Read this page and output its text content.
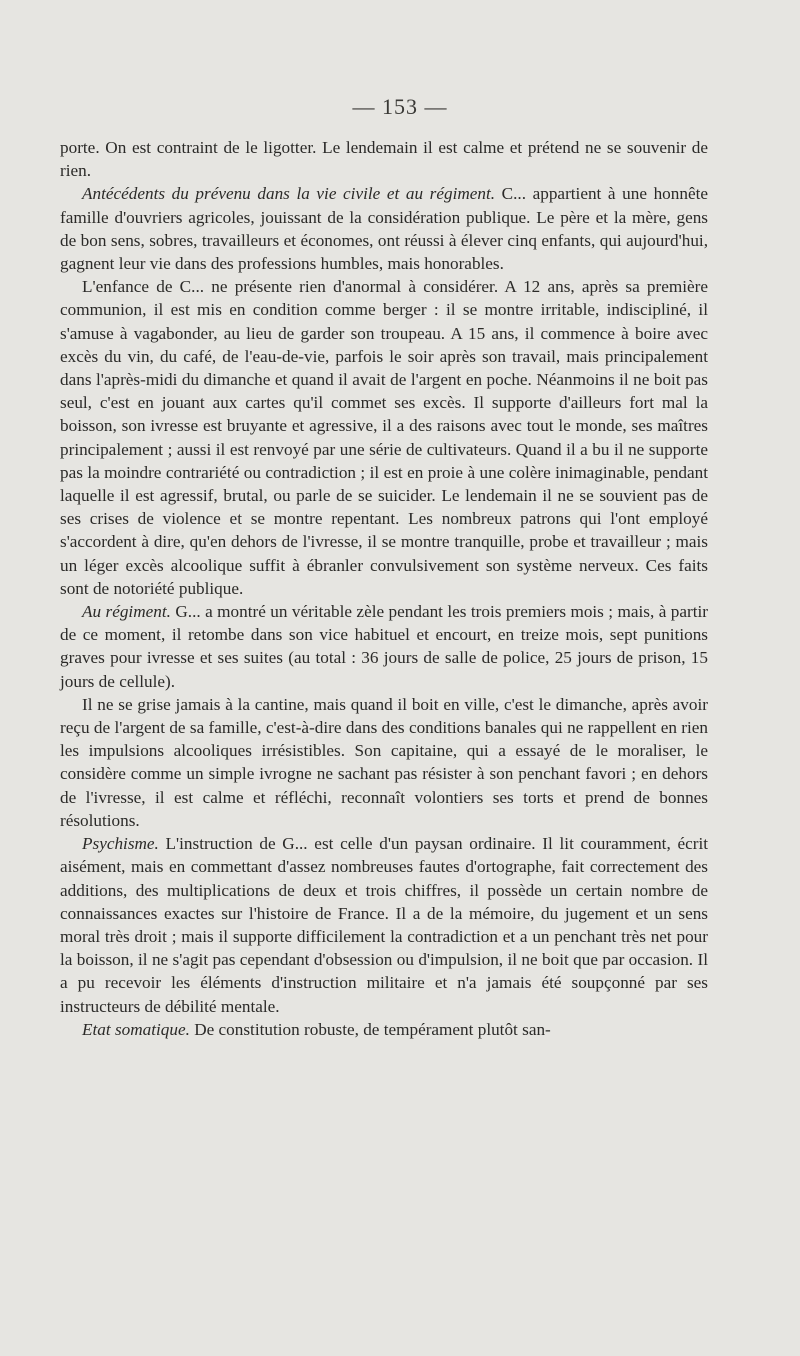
— 153 —

porte. On est contraint de le ligotter. Le lendemain il est calme et prétend ne se souvenir de rien.

Antécédents du prévenu dans la vie civile et au régiment. C... appartient à une honnête famille d'ouvriers agricoles, jouissant de la considération publique. Le père et la mère, gens de bon sens, sobres, travailleurs et économes, ont réussi à élever cinq enfants, qui aujourd'hui, gagnent leur vie dans des professions humbles, mais honorables.

L'enfance de C... ne présente rien d'anormal à considérer. A 12 ans, après sa première communion, il est mis en condition comme berger : il se montre irritable, indiscipliné, il s'amuse à vagabonder, au lieu de garder son troupeau. A 15 ans, il commence à boire avec excès du vin, du café, de l'eau-de-vie, parfois le soir après son travail, mais principalement dans l'après-midi du dimanche et quand il avait de l'argent en poche. Néanmoins il ne boit pas seul, c'est en jouant aux cartes qu'il commet ses excès. Il supporte d'ailleurs fort mal la boisson, son ivresse est bruyante et agressive, il a des raisons avec tout le monde, ses maîtres principalement ; aussi il est renvoyé par une série de cultivateurs. Quand il a bu il ne supporte pas la moindre contrariété ou contradiction ; il est en proie à une colère inimaginable, pendant laquelle il est agressif, brutal, ou parle de se suicider. Le lendemain il ne se souvient pas de ses crises de violence et se montre repentant. Les nombreux patrons qui l'ont employé s'accordent à dire, qu'en dehors de l'ivresse, il se montre tranquille, probe et travailleur ; mais un léger excès alcoolique suffit à ébranler convulsivement son système nerveux. Ces faits sont de notoriété publique.

Au régiment. G... a montré un véritable zèle pendant les trois premiers mois ; mais, à partir de ce moment, il retombe dans son vice habituel et encourt, en treize mois, sept punitions graves pour ivresse et ses suites (au total : 36 jours de salle de police, 25 jours de prison, 15 jours de cellule).

Il ne se grise jamais à la cantine, mais quand il boit en ville, c'est le dimanche, après avoir reçu de l'argent de sa famille, c'est-à-dire dans des conditions banales qui ne rappellent en rien les impulsions alcooliques irrésistibles. Son capitaine, qui a essayé de le moraliser, le considère comme un simple ivrogne ne sachant pas résister à son penchant favori ; en dehors de l'ivresse, il est calme et réfléchi, reconnaît volontiers ses torts et prend de bonnes résolutions.

Psychisme. L'instruction de G... est celle d'un paysan ordinaire. Il lit couramment, écrit aisément, mais en commettant d'assez nombreuses fautes d'ortographe, fait correctement des additions, des multiplications de deux et trois chiffres, il possède un certain nombre de connaissances exactes sur l'histoire de France. Il a de la mémoire, du jugement et un sens moral très droit ; mais il supporte difficilement la contradiction et a un penchant très net pour la boisson, il ne s'agit pas cependant d'obsession ou d'impulsion, il ne boit que par occasion. Il a pu recevoir les éléments d'instruction militaire et n'a jamais été soupçonné par ses instructeurs de débilité mentale.

Etat somatique. De constitution robuste, de tempérament plutôt san-
